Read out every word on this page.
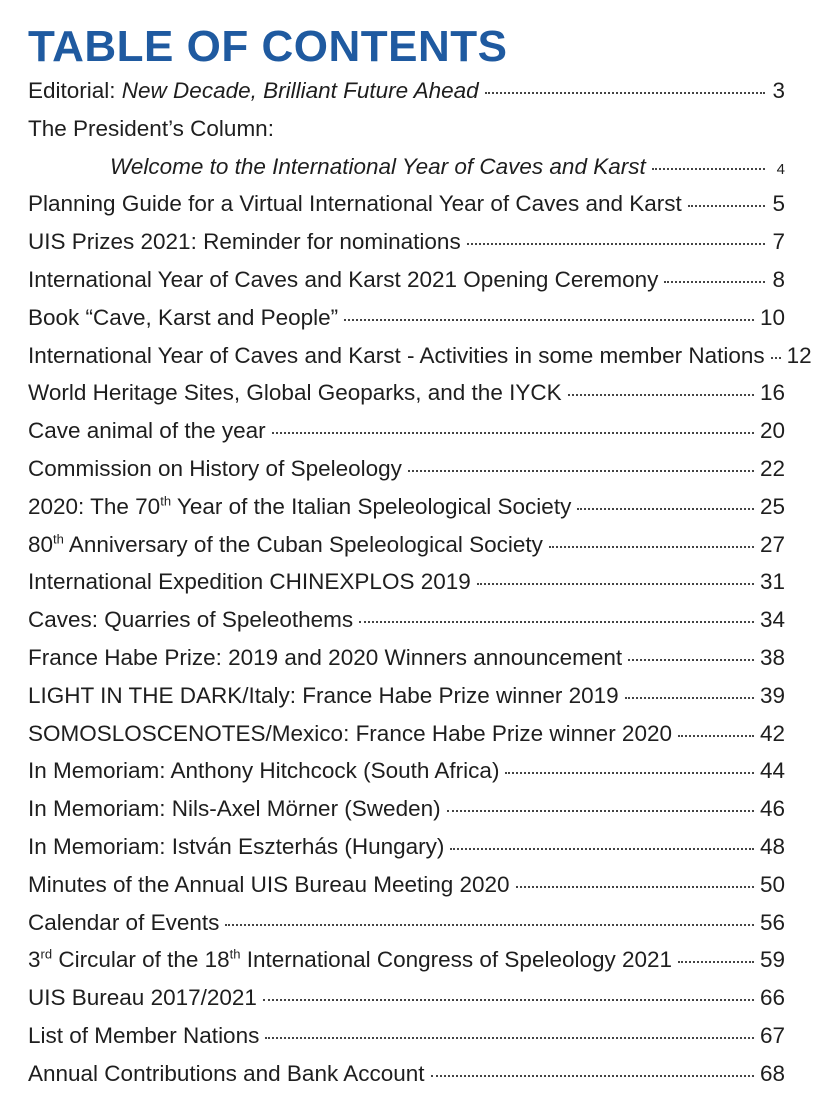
TABLE OF CONTENTS
Editorial: New Decade, Brilliant Future Ahead	3
The President’s Column:
Welcome to the International Year of Caves and Karst	4
Planning Guide for a Virtual International Year of Caves and Karst	5
UIS Prizes 2021: Reminder for nominations	7
International Year of Caves and Karst 2021 Opening Ceremony	8
Book “Cave, Karst and People”	10
International Year of Caves and Karst - Activities in some member Nations 12
World Heritage Sites, Global Geoparks, and the IYCK	16
Cave animal of the year	20
Commission on History of Speleology	22
2020: The 70th Year of the Italian Speleological Society	25
80th Anniversary of the Cuban Speleological Society	27
International Expedition CHINEXPLOS 2019	31
Caves: Quarries of Speleothems	34
France Habe Prize: 2019 and 2020 Winners announcement	38
LIGHT IN THE DARK/Italy: France Habe Prize winner 2019	39
SOMOSLOSCENOTES/Mexico: France Habe Prize winner 2020	42
In Memoriam: Anthony Hitchcock (South Africa)	44
In Memoriam: Nils-Axel Mörner (Sweden)	46
In Memoriam: István Eszterhás (Hungary)	48
Minutes of the Annual UIS Bureau Meeting 2020	50
Calendar of Events	56
3rd Circular of the 18th International Congress of Speleology 2021	59
UIS Bureau 2017/2021	66
List of Member Nations	67
Annual Contributions and Bank Account	68
